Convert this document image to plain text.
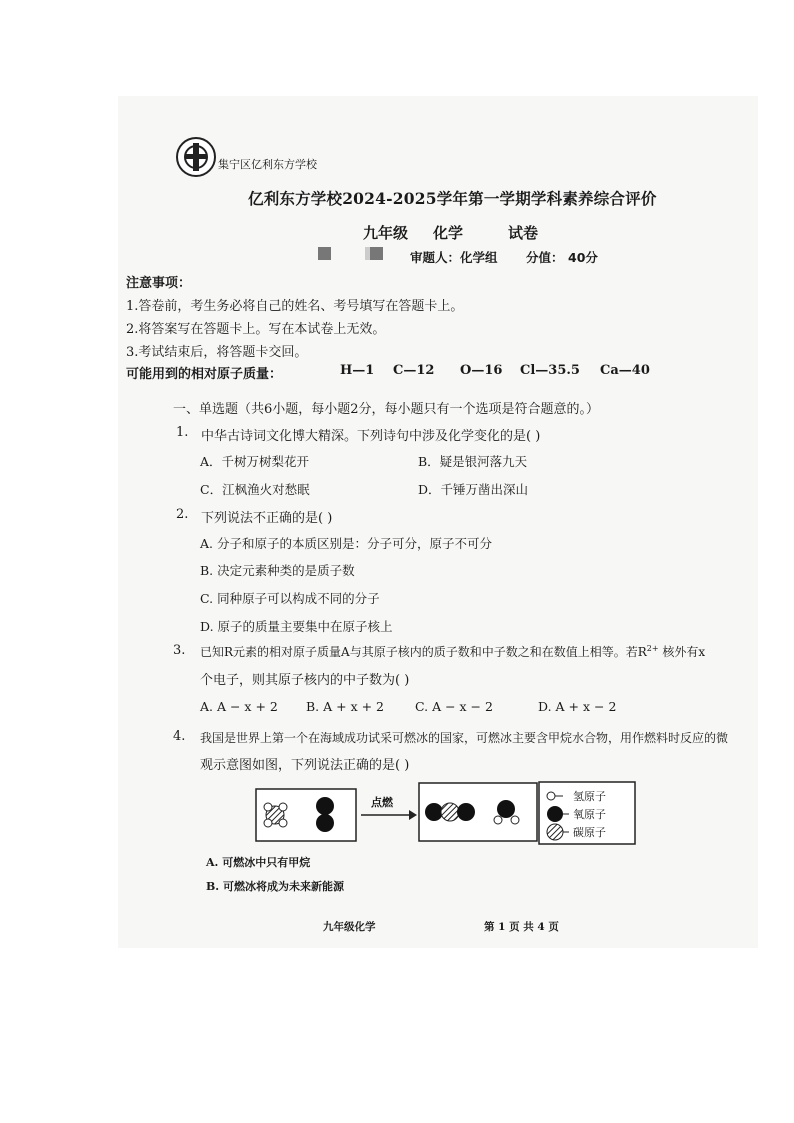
集宁区亿利东方学校
亿利东方学校2024-2025学年第一学期学科素养综合评价
九年级 化学	试卷
审题人：化学组 分值： 40分
注意事项：
1.答卷前，考生务必将自己的姓名、考号填写在答题卡上。
2.将答案写在答题卡上。写在本试卷上无效。
3.考试结束后，将答题卡交回。
可能用到的相对原子质量：	H—1 C—12 O—16 Cl—35.5 Ca—40
一、单选题（共6小题，每小题2分，每小题只有一个选项是符合题意的。）
1. 中华古诗词文化博大精深。下列诗句中涉及化学变化的是( )
A．千树万树梨花开	B．疑是银河落九天
C．江枫渔火对愁眠	D．千锤万凿出深山
2. 下列说法不正确的是( )
A. 分子和原子的本质区别是：分子可分，原子不可分
B. 决定元素种类的是质子数
C. 同种原子可以构成不同的分子
D. 原子的质量主要集中在原子核上
3. 已知R元素的相对原子质量A与其原子核内的质子数和中子数之和在数值上相等。若$R^{2+}$ 核外有x
个电子，则其原子核内的中子数为( )
A. A − x + 2 B. A + x + 2 C. A − x − 2	D. A + x − 2
4. 我国是世界上第一个在海域成功试采可燃冰的国家，可燃冰主要含甲烷水合物，用作燃料时反应的微
观示意图如图，下列说法正确的是( )
点燃	氢原子
氧原子
碳原子
A. 可燃冰中只有甲烷
B. 可燃冰将成为未来新能源
九年级化学	第 1 页 共 4 页
